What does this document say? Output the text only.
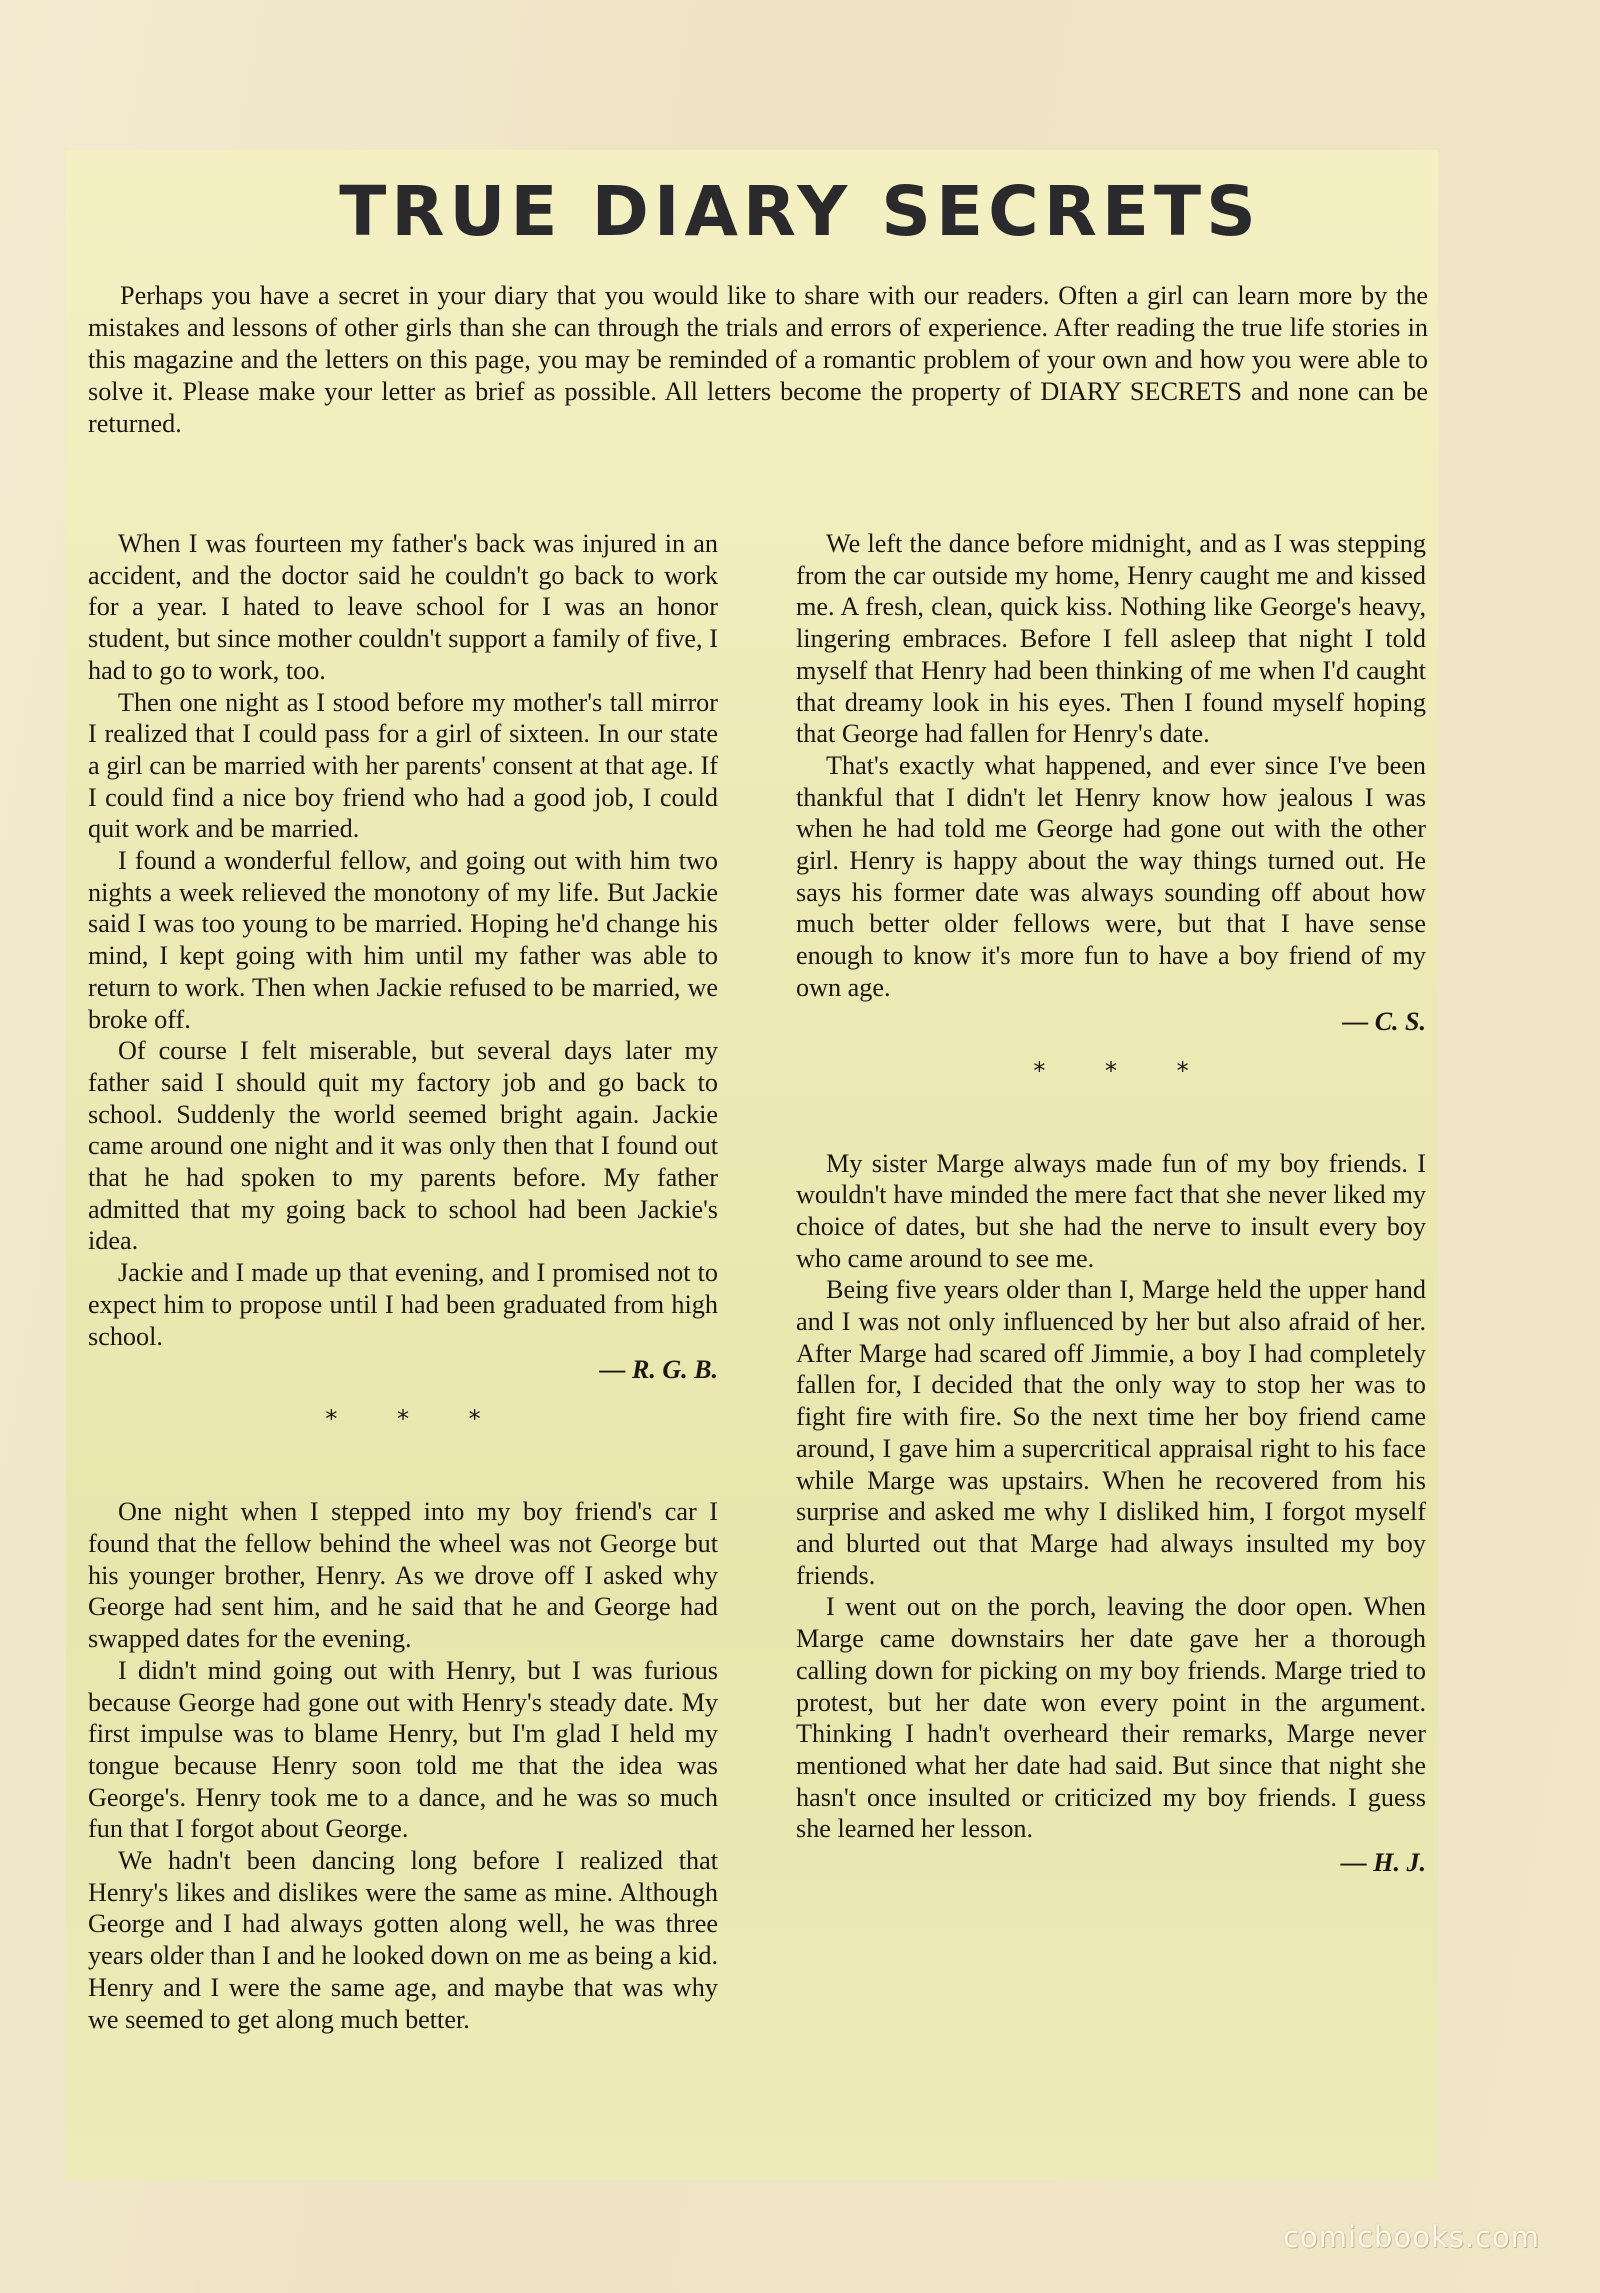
TRUE DIARY SECRETS

Perhaps you have a secret in your diary that you would like to share with our readers. Often a girl can learn more by the mistakes and lessons of other girls than she can through the trials and errors of experience. After reading the true life stories in this magazine and the letters on this page, you may be reminded of a romantic problem of your own and how you were able to solve it. Please make your letter as brief as possible. All letters become the property of DIARY SECRETS and none can be returned.

When I was fourteen my father's back was injured in an accident, and the doctor said he couldn't go back to work for a year. I hated to leave school for I was an honor student, but since mother couldn't support a family of five, I had to go to work, too.

Then one night as I stood before my mother's tall mirror I realized that I could pass for a girl of sixteen. In our state a girl can be married with her parents' consent at that age. If I could find a nice boy friend who had a good job, I could quit work and be married.

I found a wonderful fellow, and going out with him two nights a week relieved the monotony of my life. But Jackie said I was too young to be married. Hoping he'd change his mind, I kept going with him until my father was able to return to work. Then when Jackie refused to be married, we broke off.

Of course I felt miserable, but several days later my father said I should quit my factory job and go back to school. Suddenly the world seemed bright again. Jackie came around one night and it was only then that I found out that he had spoken to my parents before. My father admitted that my going back to school had been Jackie's idea.

Jackie and I made up that evening, and I promised not to expect him to propose until I had been graduated from high school.

— R. G. B.
* * *

One night when I stepped into my boy friend's car I found that the fellow behind the wheel was not George but his younger brother, Henry. As we drove off I asked why George had sent him, and he said that he and George had swapped dates for the evening.

I didn't mind going out with Henry, but I was furious because George had gone out with Henry's steady date. My first impulse was to blame Henry, but I'm glad I held my tongue because Henry soon told me that the idea was George's. Henry took me to a dance, and he was so much fun that I forgot about George.

We hadn't been dancing long before I realized that Henry's likes and dislikes were the same as mine. Although George and I had always gotten along well, he was three years older than I and he looked down on me as being a kid. Henry and I were the same age, and maybe that was why we seemed to get along much better.

We left the dance before midnight, and as I was stepping from the car outside my home, Henry caught me and kissed me. A fresh, clean, quick kiss. Nothing like George's heavy, lingering embraces. Before I fell asleep that night I told myself that Henry had been thinking of me when I'd caught that dreamy look in his eyes. Then I found myself hoping that George had fallen for Henry's date.

That's exactly what happened, and ever since I've been thankful that I didn't let Henry know how jealous I was when he had told me George had gone out with the other girl. Henry is happy about the way things turned out. He says his former date was always sounding off about how much better older fellows were, but that I have sense enough to know it's more fun to have a boy friend of my own age.

— C. S.
* * *

My sister Marge always made fun of my boy friends. I wouldn't have minded the mere fact that she never liked my choice of dates, but she had the nerve to insult every boy who came around to see me.

Being five years older than I, Marge held the upper hand and I was not only influenced by her but also afraid of her. After Marge had scared off Jimmie, a boy I had completely fallen for, I decided that the only way to stop her was to fight fire with fire. So the next time her boy friend came around, I gave him a supercritical appraisal right to his face while Marge was upstairs. When he recovered from his surprise and asked me why I disliked him, I forgot myself and blurted out that Marge had always insulted my boy friends.

I went out on the porch, leaving the door open. When Marge came downstairs her date gave her a thorough calling down for picking on my boy friends. Marge tried to protest, but her date won every point in the argument. Thinking I hadn't overheard their remarks, Marge never mentioned what her date had said. But since that night she hasn't once insulted or criticized my boy friends. I guess she learned her lesson.

— H. J.
comicbooks.com
